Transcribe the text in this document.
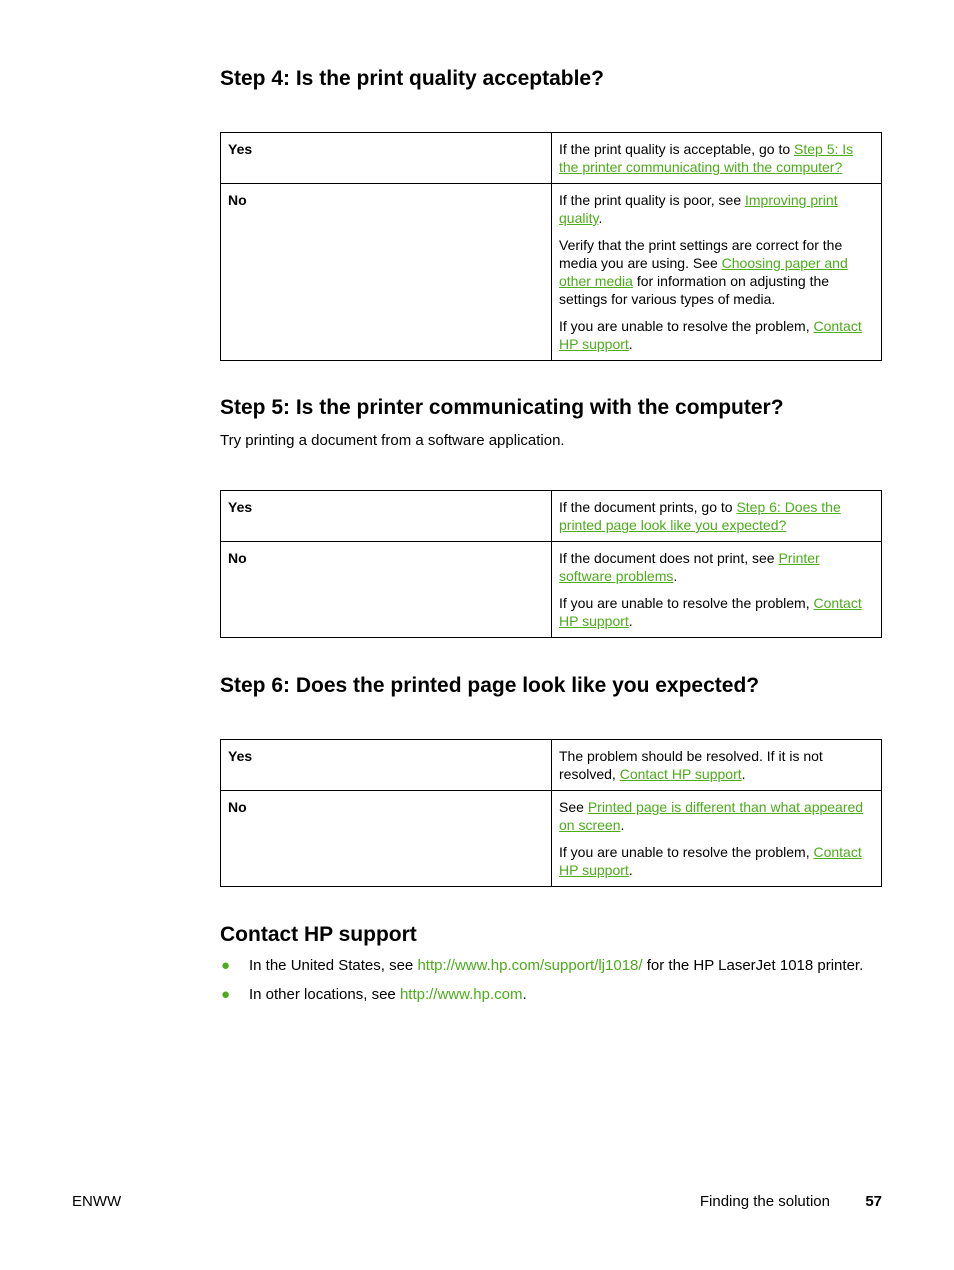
Step 4: Is the print quality acceptable?
Yes	If the print quality is acceptable, go to Step 5: Is the printer communicating with the computer?

No	If the print quality is poor, see Improving print quality.

Verify that the print settings are correct for the media you are using. See Choosing paper and other media for information on adjusting the settings for various types of media.

If you are unable to resolve the problem, Contact HP support.

Step 5: Is the printer communicating with the computer?

Try printing a document from a software application.

Yes	If the document prints, go to Step 6: Does the printed page look like you expected?

No	If the document does not print, see Printer software problems.

If you are unable to resolve the problem, Contact HP support.

Step 6: Does the printed page look like you expected?
Yes	The problem should be resolved. If it is not resolved, Contact HP support.

No	See Printed page is different than what appeared on screen.

If you are unable to resolve the problem, Contact HP support.

Contact HP support
● In the United States, see http://www.hp.com/support/lj1018/ for the HP LaserJet 1018 printer.
● In other locations, see http://www.hp.com.
ENWW	Finding the solution 57
